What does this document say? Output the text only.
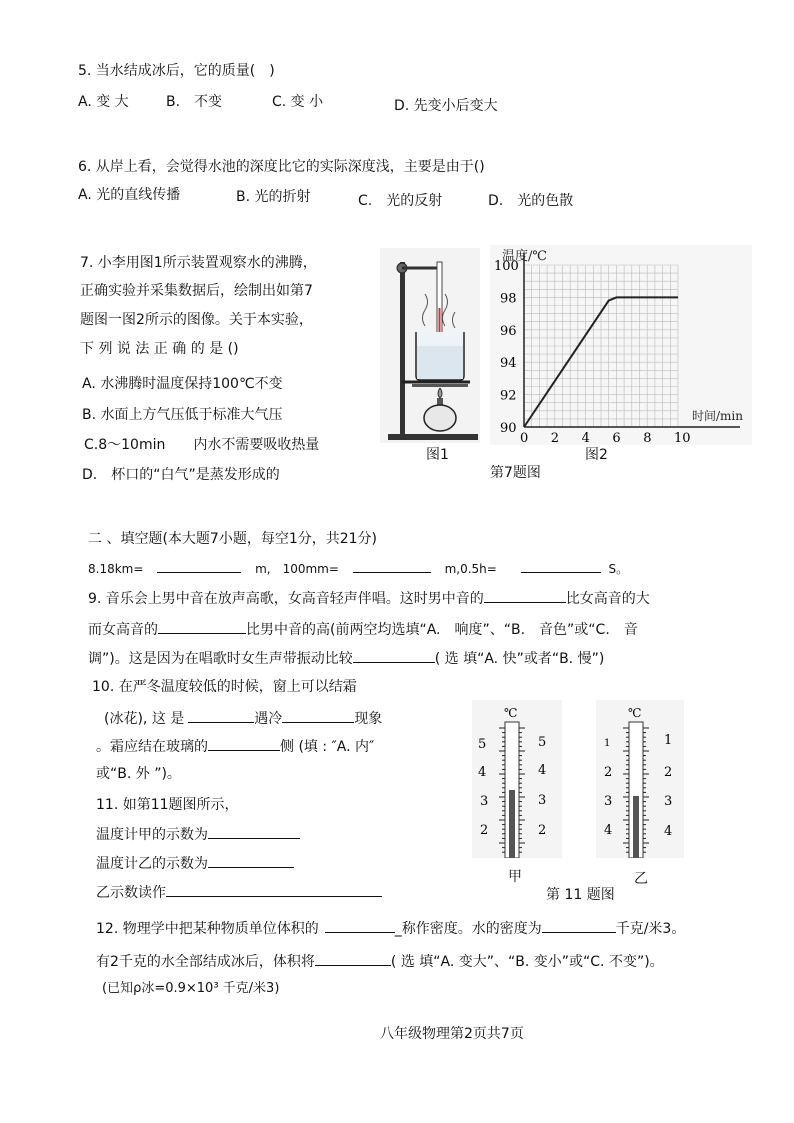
5. 当水结成冰后，它的质量(　)
A. 变 大	B.　不变	C. 变 小	D. 先变小后变大
6. 从岸上看，会觉得水池的深度比它的实际深度浅，主要是由于()
A. 光的直线传播	B. 光的折射	C.　光的反射	D.　光的色散
7. 小李用图1所示装置观察水的沸腾，
正确实验并采集数据后，绘制出如第7
题图一图2所示的图像。关于本实验，
下 列 说 法 正 确 的 是 ()
A. 水沸腾时温度保持100℃不变
B. 水面上方气压低于标准大气压
C.8～10min　　内水不需要吸收热量
D.　杯口的“白气”是蒸发形成的
0 2 4 6 8 10
90
92
94
96
98
100
温度/℃
时间/min
图1	图2
第7题图
二 、填空题(本大题7小题，每空1分，共21分)
8.18km=	m,　100mm=	m,0.5h=	S。
9. 音乐会上男中音在放声高歌，女高音轻声伴唱。这时男中音的	比女高音的大
而女高音的	比男中音的高(前两空均选填“A.　响度”、“B.　音色”或“C.　音
调”)。这是因为在唱歌时女生声带振动比较	( 选 填“A. 快”或者“B. 慢”)
10. 在严冬温度较低的时候，窗上可以结霜
(冰花), 这 是	遇冷	现象
。霜应结在玻璃的	侧 (填 : ″A. 内″
或“B. 外 ”)。
11. 如第11题图所示，
温度计甲的示数为
温度计乙的示数为
乙示数读作
℃
5
4
3
2
5
4
3
2
℃
1
2
3
4
1
2
3
4
甲
第 11 题图
乙
12. 物理学中把某种物质单位体积的	_称作密度。水的密度为	千克/米3。
有2千克的水全部结成冰后，体积将	( 选 填“A. 变大”、“B. 变小”或“C. 不变”)。
(已知ρ冰=0.9×10³ 千克/米3)
八年级物理第2页共7页
